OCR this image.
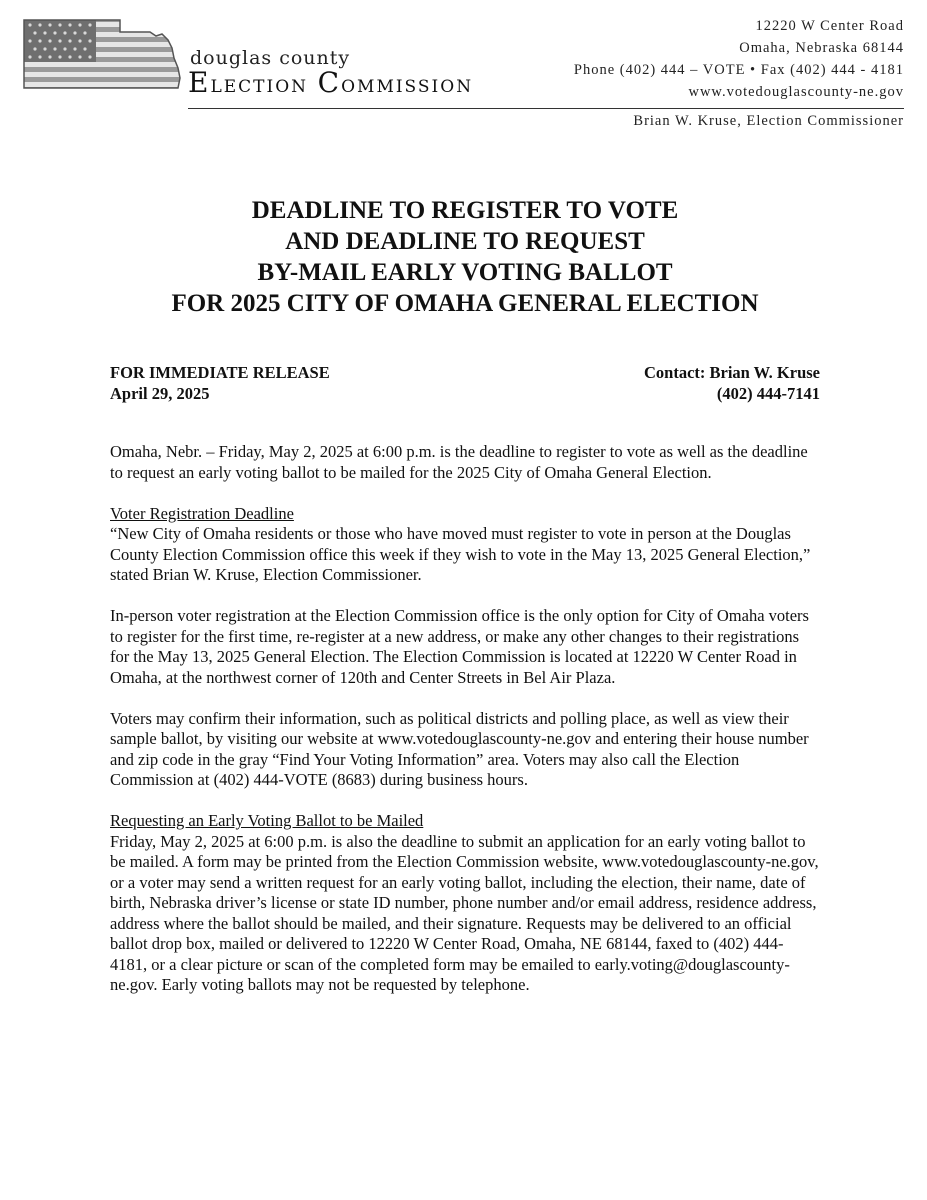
douglas county
Election Commission
12220 W Center Road
Omaha, Nebraska 68144
Phone (402) 444 – VOTE • Fax (402) 444 - 4181
www.votedouglascounty-ne.gov
Brian W. Kruse, Election Commissioner
DEADLINE TO REGISTER TO VOTE
AND DEADLINE TO REQUEST
BY-MAIL EARLY VOTING BALLOT
FOR 2025 CITY OF OMAHA GENERAL ELECTION
FOR IMMEDIATE RELEASE
April 29, 2025
Contact: Brian W. Kruse
(402) 444-7141

Omaha, Nebr. – Friday, May 2, 2025 at 6:00 p.m. is the deadline to register to vote as well as the deadline to request an early voting ballot to be mailed for the 2025 City of Omaha General Election.

Voter Registration Deadline

“New City of Omaha residents or those who have moved must register to vote in person at the Douglas County Election Commission office this week if they wish to vote in the May 13, 2025 General Election,” stated Brian W. Kruse, Election Commissioner.

In-person voter registration at the Election Commission office is the only option for City of Omaha voters to register for the first time, re-register at a new address, or make any other changes to their registrations for the May 13, 2025 General Election. The Election Commission is located at 12220 W Center Road in Omaha, at the northwest corner of 120th and Center Streets in Bel Air Plaza.

Voters may confirm their information, such as political districts and polling place, as well as view their sample ballot, by visiting our website at www.votedouglascounty-ne.gov and entering their house number and zip code in the gray “Find Your Voting Information” area. Voters may also call the Election Commission at (402) 444-VOTE (8683) during business hours.

Requesting an Early Voting Ballot to be Mailed

Friday, May 2, 2025 at 6:00 p.m. is also the deadline to submit an application for an early voting ballot to be mailed. A form may be printed from the Election Commission website, www.votedouglascounty-ne.gov, or a voter may send a written request for an early voting ballot, including the election, their name, date of birth, Nebraska driver’s license or state ID number, phone number and/or email address, residence address, address where the ballot should be mailed, and their signature. Requests may be delivered to an official ballot drop box, mailed or delivered to 12220 W Center Road, Omaha, NE 68144, faxed to (402) 444-4181, or a clear picture or scan of the completed form may be emailed to early.voting@douglascounty-ne.gov. Early voting ballots may not be requested by telephone.
